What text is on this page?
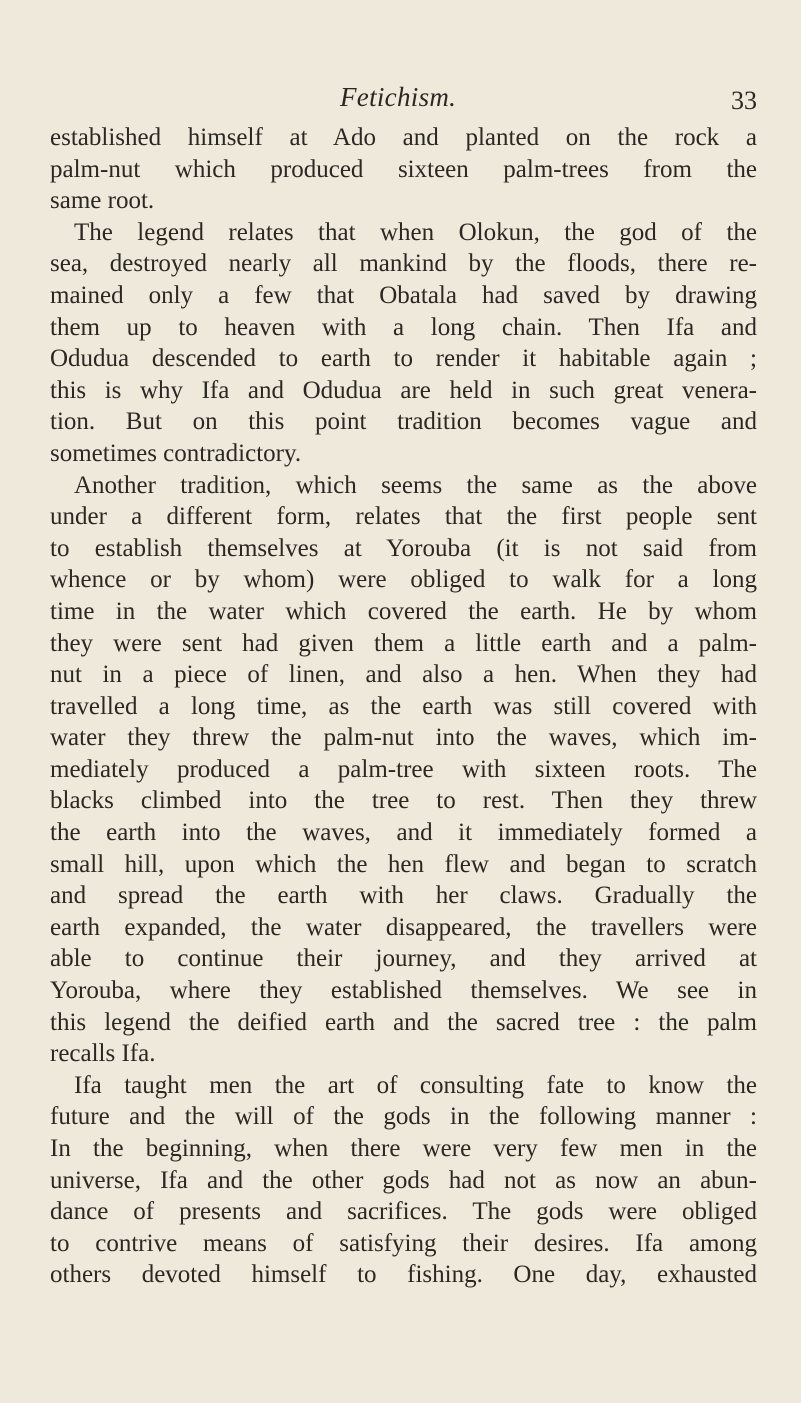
Fetichism.	33
established himself at Ado and planted on the rock a
palm-nut which produced sixteen palm-trees from the
same root.
The legend relates that when Olokun, the god of the
sea, destroyed nearly all mankind by the floods, there re-
mained only a few that Obatala had saved by drawing
them up to heaven with a long chain. Then Ifa and
Odudua descended to earth to render it habitable again ;
this is why Ifa and Odudua are held in such great venera-
tion. But on this point tradition becomes vague and
sometimes contradictory.
Another tradition, which seems the same as the above
under a different form, relates that the first people sent
to establish themselves at Yorouba (it is not said from
whence or by whom) were obliged to walk for a long
time in the water which covered the earth. He by whom
they were sent had given them a little earth and a palm-
nut in a piece of linen, and also a hen. When they had
travelled a long time, as the earth was still covered with
water they threw the palm-nut into the waves, which im-
mediately produced a palm-tree with sixteen roots. The
blacks climbed into the tree to rest. Then they threw
the earth into the waves, and it immediately formed a
small hill, upon which the hen flew and began to scratch
and spread the earth with her claws. Gradually the
earth expanded, the water disappeared, the travellers were
able to continue their journey, and they arrived at
Yorouba, where they established themselves. We see in
this legend the deified earth and the sacred tree : the palm
recalls Ifa.
Ifa taught men the art of consulting fate to know the
future and the will of the gods in the following manner :
In the beginning, when there were very few men in the
universe, Ifa and the other gods had not as now an abun-
dance of presents and sacrifices. The gods were obliged
to contrive means of satisfying their desires. Ifa among
others devoted himself to fishing. One day, exhausted
